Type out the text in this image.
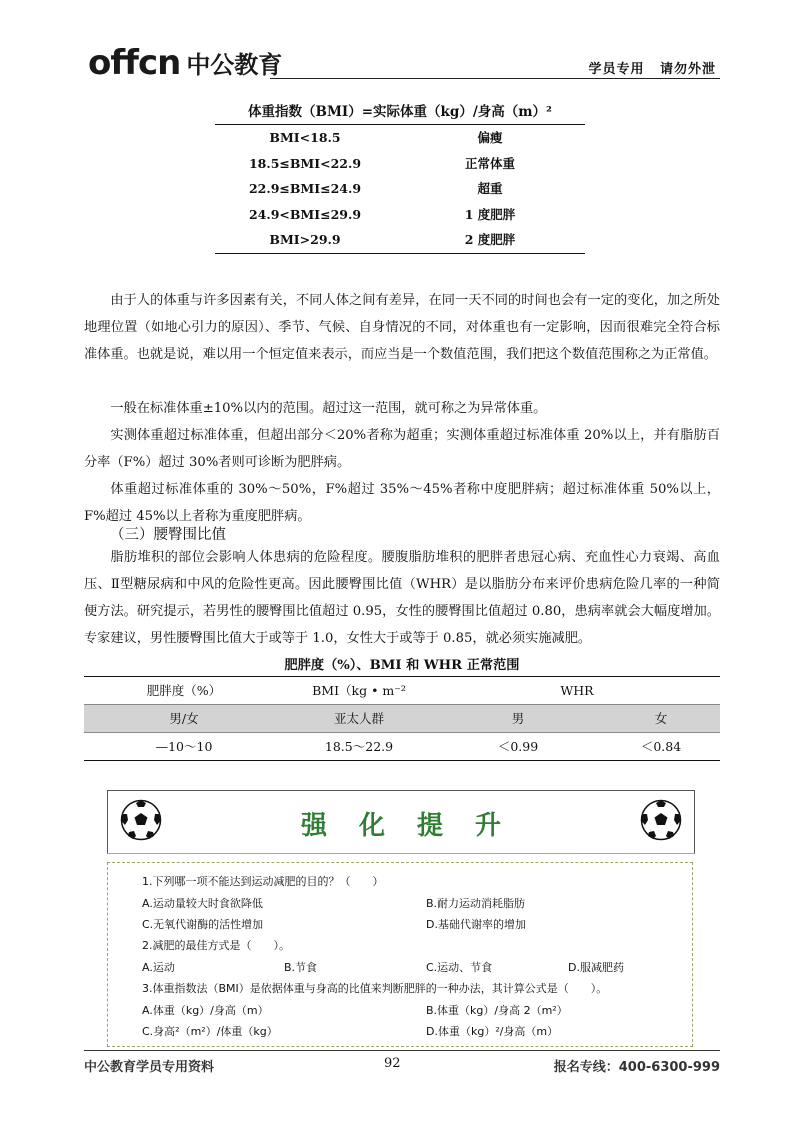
offcn 中公教育	学员专用 请勿外泄
体重指数（BMI）=实际体重（kg）/身高（m）²
BMI<18.5	偏瘦
18.5≤BMI<22.9	正常体重
22.9≤BMI≤24.9	超重
24.9<BMI≤29.9	1 度肥胖
BMI>29.9	2 度肥胖
由于人的体重与许多因素有关，不同人体之间有差异，在同一天不同的时间也会有一定的变化，加之所处地理位置（如地心引力的原因）、季节、气候、自身情况的不同，对体重也有一定影响，因而很难完全符合标准体重。也就是说，难以用一个恒定值来表示，而应当是一个数值范围，我们把这个数值范围称之为正常值。
一般在标准体重±10%以内的范围。超过这一范围，就可称之为异常体重。
实测体重超过标准体重，但超出部分＜20%者称为超重；实测体重超过标准体重 20%以上，并有脂肪百分率（F%）超过 30%者则可诊断为肥胖病。
体重超过标准体重的 30%～50%，F%超过 35%～45%者称中度肥胖病；超过标准体重 50%以上，F%超过 45%以上者称为重度肥胖病。
（三）腰臀围比值
脂肪堆积的部位会影响人体患病的危险程度。腰腹脂肪堆积的肥胖者患冠心病、充血性心力衰竭、高血压、Ⅱ型糖尿病和中风的危险性更高。因此腰臀围比值（WHR）是以脂肪分布来评价患病危险几率的一种简便方法。研究提示，若男性的腰臀围比值超过 0.95，女性的腰臀围比值超过 0.80，患病率就会大幅度增加。专家建议，男性腰臀围比值大于或等于 1.0，女性大于或等于 0.85，就必须实施减肥。
肥胖度（%）、BMI 和 WHR 正常范围
肥胖度（%）	BMI（kg • m⁻²	WHR
男/女	亚太人群	男	女
—10～10	18.5～22.9	＜0.99	＜0.84
强化提升
1.下列哪一项不能达到运动减肥的目的？（　　）
A.运动量较大时食欲降低	B.耐力运动消耗脂肪
C.无氧代谢酶的活性增加	D.基础代谢率的增加
2.减肥的最佳方式是（　　）。
A.运动	B.节食	C.运动、节食	D.服减肥药
3.体重指数法（BMI）是依据体重与身高的比值来判断肥胖的一种办法，其计算公式是（　　）。
A.体重（kg）/身高（m）	B.体重（kg）/身高 2（m²）
C.身高²（m²）/体重（kg）	D.体重（kg）²/身高（m）
中公教育学员专用资料	92	报名专线：400-6300-999
